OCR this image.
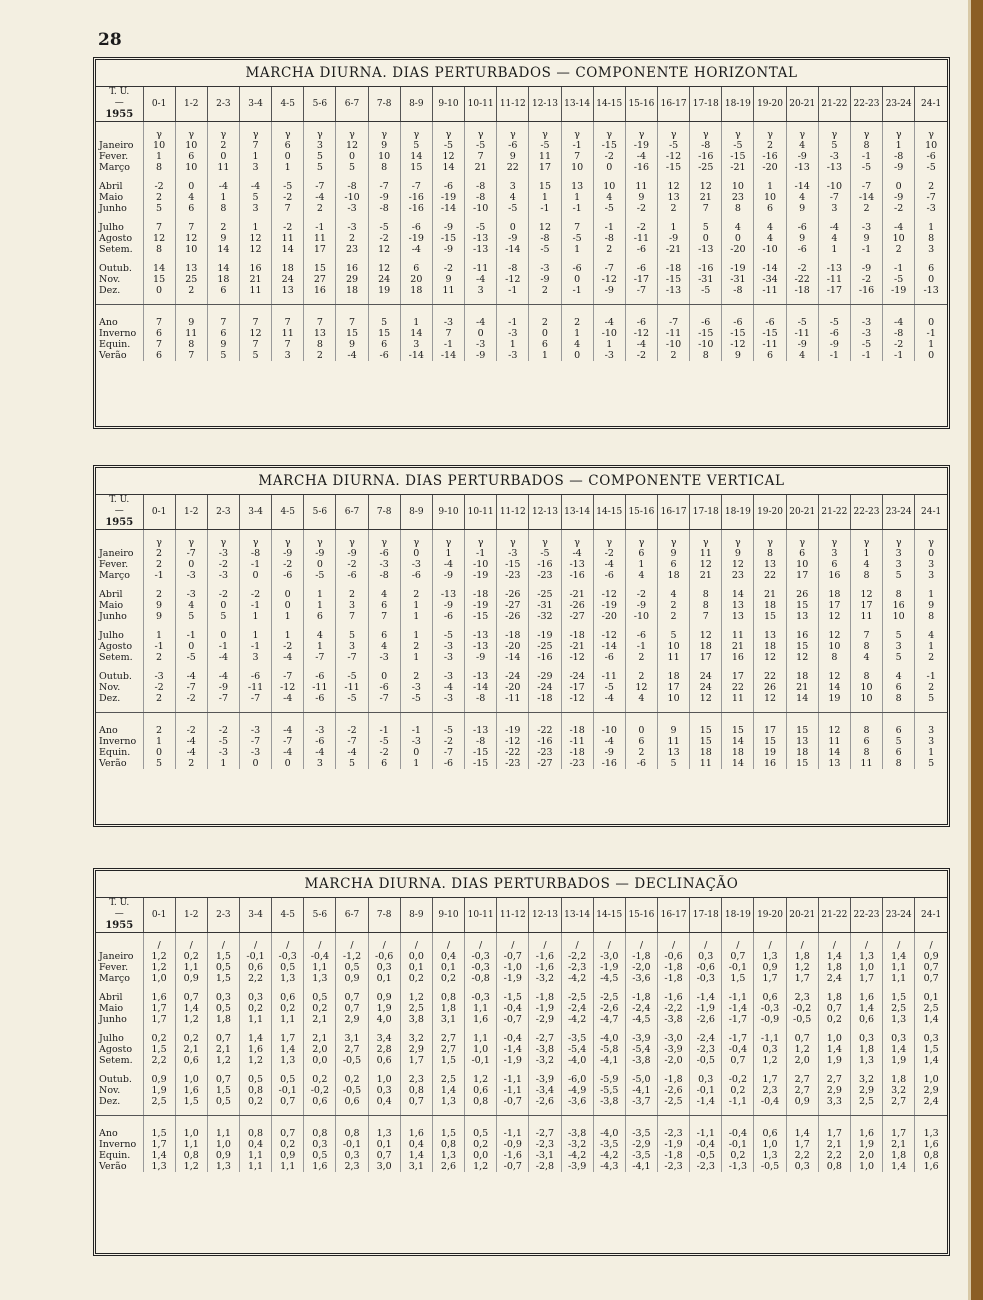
28
MARCHA DIURNA. DIAS PERTURBADOS — COMPONENTE HORIZONTAL
T. U.
—
1955	0-1	1-2	2-3	3-4	4-5	5-6	6-7	7-8	8-9	9-10	10-11	11-12	12-13	13-14	14-15	15-16	16-17	17-18	18-19	19-20	20-21	21-22	22-23	23-24	24-1
	γ	γ	γ	γ	γ	γ	γ	γ	γ	γ	γ	γ	γ	γ	γ	γ	γ	γ	γ	γ	γ	γ	γ	γ	γ
Janeiro	10	10	2	7	6	3	12	9	5	-5	-5	-6	-5	-1	-15	-19	-5	-8	-5	2	4	5	8	1	10
Fever.	1	6	0	1	0	5	0	10	14	12	7	9	11	7	-2	-4	-12	-16	-15	-16	-9	-3	-1	-8	-6
Março	8	10	11	3	1	5	5	8	15	14	21	22	17	10	0	-16	-15	-25	-21	-20	-13	-13	-5	-9	-5

Abril	-2	0	-4	-4	-5	-7	-8	-7	-7	-6	-8	3	15	13	10	11	12	12	10	1	-14	-10	-7	0	2
Maio	2	4	1	5	-2	-4	-10	-9	-16	-19	-8	4	1	1	4	9	13	21	23	10	4	-7	-14	-9	-7
Junho	5	6	8	3	7	2	-3	-8	-16	-14	-10	-5	-1	-1	-5	-2	2	7	8	6	9	3	2	-2	-3

Julho	7	7	2	1	-2	-1	-3	-5	-6	-9	-5	0	12	7	-1	-2	1	5	4	4	-6	-4	-3	-4	1
Agosto	12	12	9	12	11	11	2	-2	-19	-15	-13	-9	-8	-5	-8	-11	-9	0	0	4	9	4	9	10	8
Setem.	8	10	14	12	14	17	23	12	-4	-9	-13	-14	-5	1	2	-6	-21	-13	-20	-10	-6	1	-1	2	3

Outub.	14	13	14	16	18	15	16	12	6	-2	-11	-8	-3	-6	-7	-6	-18	-16	-19	-14	-2	-13	-9	-1	6
Nov.	15	25	18	21	24	27	29	24	20	9	-4	-12	-9	0	-12	-17	-15	-31	-31	-34	-22	-11	-2	-5	0
Dez.	0	2	6	11	13	16	18	19	18	11	3	-1	2	-1	-9	-7	-13	-5	-8	-11	-18	-17	-16	-19	-13

Ano	7	9	7	7	7	7	7	5	1	-3	-4	-1	2	2	-4	-6	-7	-6	-6	-6	-5	-5	-3	-4	0
Inverno	6	11	6	12	11	13	15	15	14	7	0	-3	0	1	-10	-12	-11	-15	-15	-15	-11	-6	-3	-8	-1
Equin.	7	8	9	7	7	8	9	6	3	-1	-3	1	6	4	1	-4	-10	-10	-12	-11	-9	-9	-5	-2	1
Verão	6	7	5	5	3	2	-4	-6	-14	-14	-9	-3	1	0	-3	-2	2	8	9	6	4	-1	-1	-1	0
MARCHA DIURNA. DIAS PERTURBADOS — COMPONENTE VERTICAL
T. U.
—
1955	0-1	1-2	2-3	3-4	4-5	5-6	6-7	7-8	8-9	9-10	10-11	11-12	12-13	13-14	14-15	15-16	16-17	17-18	18-19	19-20	20-21	21-22	22-23	23-24	24-1
	γ	γ	γ	γ	γ	γ	γ	γ	γ	γ	γ	γ	γ	γ	γ	γ	γ	γ	γ	γ	γ	γ	γ	γ	γ
Janeiro	2	-7	-3	-8	-9	-9	-9	-6	0	1	-1	-3	-5	-4	-2	6	9	11	9	8	6	3	1	3	0
Fever.	2	0	-2	-1	-2	0	-2	-3	-3	-4	-10	-15	-16	-13	-4	1	6	12	12	13	10	6	4	3	3
Março	-1	-3	-3	0	-6	-5	-6	-8	-6	-9	-19	-23	-23	-16	-6	4	18	21	23	22	17	16	8	5	3

Abril	2	-3	-2	-2	0	1	2	4	2	-13	-18	-26	-25	-21	-12	-2	4	8	14	21	26	18	12	8	1
Maio	9	4	0	-1	0	1	3	6	1	-9	-19	-27	-31	-26	-19	-9	2	8	13	18	15	17	17	16	9
Junho	9	5	5	1	1	6	7	7	1	-6	-15	-26	-32	-27	-20	-10	2	7	13	15	13	12	11	10	8

Julho	1	-1	0	1	1	4	5	6	1	-5	-13	-18	-19	-18	-12	-6	5	12	11	13	16	12	7	5	4
Agosto	-1	0	-1	-1	-2	1	3	4	2	-3	-13	-20	-25	-21	-14	-1	10	18	21	18	15	10	8	3	1
Setem.	2	-5	-4	3	-4	-7	-7	-3	1	-3	-9	-14	-16	-12	-6	2	11	17	16	12	12	8	4	5	2

Outub.	-3	-4	-4	-6	-7	-6	-5	0	2	-3	-13	-24	-29	-24	-11	2	18	24	17	22	18	12	8	4	-1
Nov.	-2	-7	-9	-11	-12	-11	-11	-6	-3	-4	-14	-20	-24	-17	-5	12	17	24	22	26	21	14	10	6	2
Dez.	2	-2	-7	-7	-4	-6	-5	-7	-5	-3	-8	-11	-18	-12	-4	4	10	12	11	12	14	19	10	8	5

Ano	2	-2	-2	-3	-4	-3	-2	-1	-1	-5	-13	-19	-22	-18	-10	0	9	15	15	17	15	12	8	6	3
Inverno	1	-4	-5	-7	-7	-6	-7	-5	-3	-2	-8	-12	-16	-11	-4	6	11	15	14	15	13	11	6	5	3
Equin.	0	-4	-3	-3	-4	-4	-4	-2	0	-7	-15	-22	-23	-18	-9	2	13	18	18	19	18	14	8	6	1
Verão	5	2	1	0	0	3	5	6	1	-6	-15	-23	-27	-23	-16	-6	5	11	14	16	15	13	11	8	5
MARCHA DIURNA. DIAS PERTURBADOS — DECLINAÇÃO
T. U.
—
1955	0-1	1-2	2-3	3-4	4-5	5-6	6-7	7-8	8-9	9-10	10-11	11-12	12-13	13-14	14-15	15-16	16-17	17-18	18-19	19-20	20-21	21-22	22-23	23-24	24-1
	/	/	/	/	/	/	/	/	/	/	/	/	/	/	/	/	/	/	/	/	/	/	/	/	/
Janeiro	1,2	0,2	1,5	-0,1	-0,3	-0,4	-1,2	-0,6	0,0	0,4	-0,3	-0,7	-1,6	-2,2	-3,0	-1,8	-0,6	0,3	0,7	1,3	1,8	1,4	1,3	1,4	0,9
Fever.	1,2	1,1	0,5	0,6	0,5	1,1	0,5	0,3	0,1	0,1	-0,3	-1,0	-1,6	-2,3	-1,9	-2,0	-1,8	-0,6	-0,1	0,9	1,2	1,8	1,0	1,1	0,7
Março	1,0	0,9	1,5	2,2	1,3	1,3	0,9	0,1	0,2	0,2	-0,8	-1,9	-3,2	-4,2	-4,5	-3,6	-1,8	-0,3	1,5	1,7	1,7	2,4	1,7	1,1	0,7

Abril	1,6	0,7	0,3	0,3	0,6	0,5	0,7	0,9	1,2	0,8	-0,3	-1,5	-1,8	-2,5	-2,5	-1,8	-1,6	-1,4	-1,1	0,6	2,3	1,8	1,6	1,5	0,1
Maio	1,7	1,4	0,5	0,2	0,2	0,2	0,7	1,9	2,5	1,8	1,1	-0,4	-1,9	-2,4	-2,6	-2,4	-2,2	-1,9	-1,4	-0,3	-0,2	0,7	1,4	2,5	2,5
Junho	1,7	1,2	1,8	1,1	1,1	2,1	2,9	4,0	3,8	3,1	1,6	-0,7	-2,9	-4,2	-4,7	-4,5	-3,8	-2,6	-1,7	-0,9	-0,5	0,2	0,6	1,3	1,4

Julho	0,2	0,2	0,7	1,4	1,7	2,1	3,1	3,4	3,2	2,7	1,1	-0,4	-2,7	-3,5	-4,0	-3,9	-3,0	-2,4	-1,7	-1,1	0,7	1,0	0,3	0,3	0,3
Agosto	1,5	2,1	2,1	1,6	1,4	2,0	2,7	2,8	2,9	2,7	1,0	-1,4	-3,8	-5,4	-5,8	-5,4	-3,9	-2,3	-0,4	0,3	1,2	1,4	1,8	1,4	1,5
Setem.	2,2	0,6	1,2	1,2	1,3	0,0	-0,5	0,6	1,7	1,5	-0,1	-1,9	-3,2	-4,0	-4,1	-3,8	-2,0	-0,5	0,7	1,2	2,0	1,9	1,3	1,9	1,4

Outub.	0,9	1,0	0,7	0,5	0,5	0,2	0,2	1,0	2,3	2,5	1,2	-1,1	-3,9	-6,0	-5,9	-5,0	-1,8	0,3	-0,2	1,7	2,7	2,7	3,2	1,8	1,0
Nov.	1,9	1,6	1,5	0,8	-0,1	-0,2	-0,5	0,3	0,8	1,4	0,6	-1,1	-3,4	-4,9	-5,5	-4,1	-2,6	-0,1	0,2	2,3	2,7	2,9	2,9	3,2	2,9
Dez.	2,5	1,5	0,5	0,2	0,7	0,6	0,6	0,4	0,7	1,3	0,8	-0,7	-2,6	-3,6	-3,8	-3,7	-2,5	-1,4	-1,1	-0,4	0,9	3,3	2,5	2,7	2,4

Ano	1,5	1,0	1,1	0,8	0,7	0,8	0,8	1,3	1,6	1,5	0,5	-1,1	-2,7	-3,8	-4,0	-3,5	-2,3	-1,1	-0,4	0,6	1,4	1,7	1,6	1,7	1,3
Inverno	1,7	1,1	1,0	0,4	0,2	0,3	-0,1	0,1	0,4	0,8	0,2	-0,9	-2,3	-3,2	-3,5	-2,9	-1,9	-0,4	-0,1	1,0	1,7	2,1	1,9	2,1	1,6
Equin.	1,4	0,8	0,9	1,1	0,9	0,5	0,3	0,7	1,4	1,3	0,0	-1,6	-3,1	-4,2	-4,2	-3,5	-1,8	-0,5	0,2	1,3	2,2	2,2	2,0	1,8	0,8
Verão	1,3	1,2	1,3	1,1	1,1	1,6	2,3	3,0	3,1	2,6	1,2	-0,7	-2,8	-3,9	-4,3	-4,1	-2,3	-2,3	-1,3	-0,5	0,3	0,8	1,0	1,4	1,6
